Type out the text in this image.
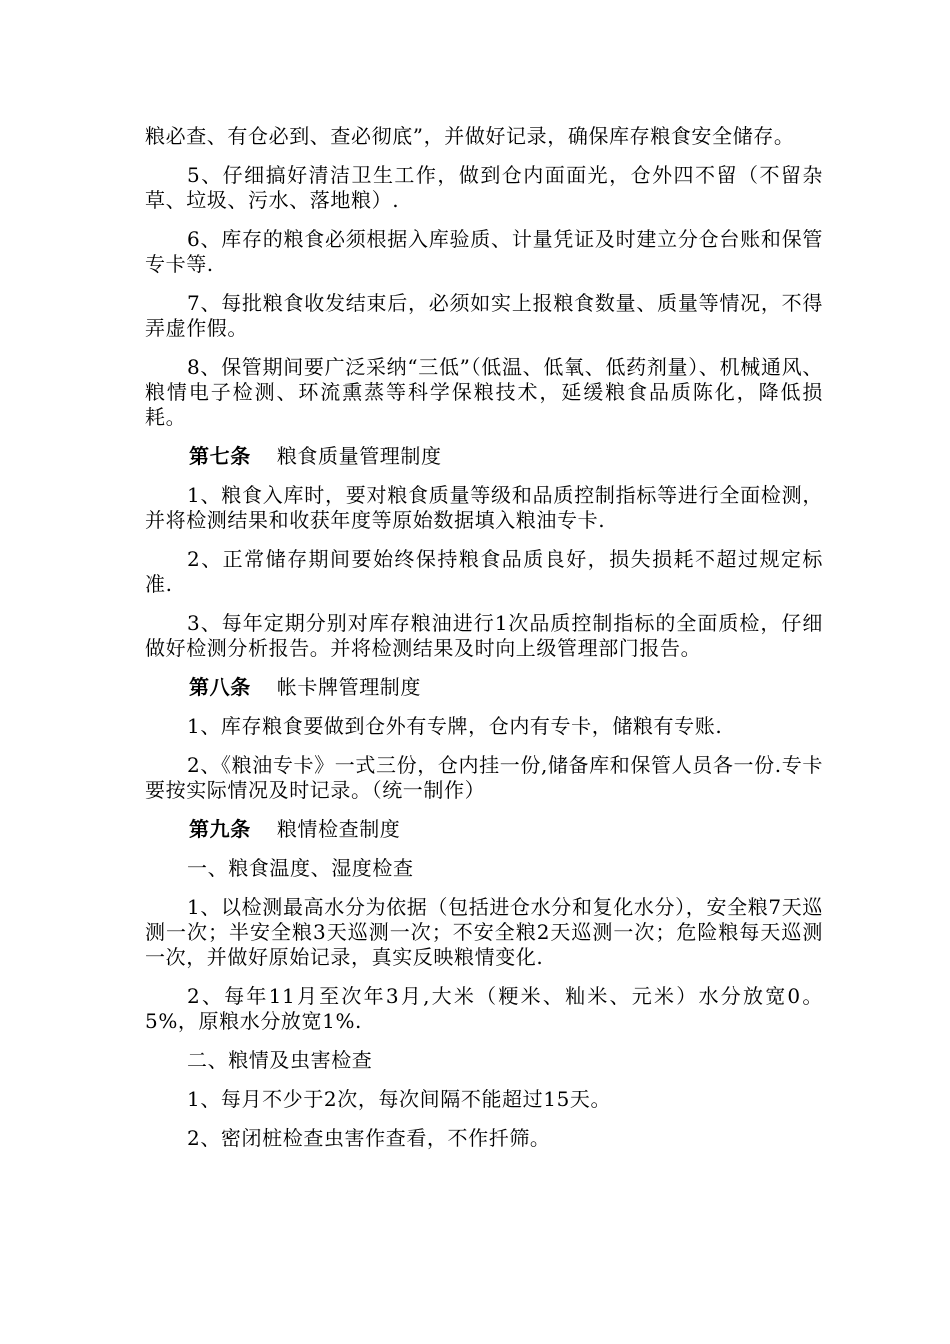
粮必查、有仓必到、查必彻底”，并做好记录，确保库存粮食安全储存。

5、仔细搞好清洁卫生工作，做到仓内面面光，仓外四不留（不留杂草、垃圾、污水、落地粮）.

6、库存的粮食必须根据入库验质、计量凭证及时建立分仓台账和保管专卡等.

7、每批粮食收发结束后，必须如实上报粮食数量、质量等情况，不得弄虚作假。

8、保管期间要广泛采纳“三低”（低温、低氧、低药剂量）、机械通风、粮情电子检测、环流熏蒸等科学保粮技术，延缓粮食品质陈化，降低损耗。

第七条 粮食质量管理制度

1、粮食入库时，要对粮食质量等级和品质控制指标等进行全面检测，并将检测结果和收获年度等原始数据填入粮油专卡.

2、正常储存期间要始终保持粮食品质良好，损失损耗不超过规定标准.

3、每年定期分别对库存粮油进行1次品质控制指标的全面质检，仔细做好检测分析报告。并将检测结果及时向上级管理部门报告。

第八条 帐卡牌管理制度

1、库存粮食要做到仓外有专牌，仓内有专卡，储粮有专账.

2、《粮油专卡》一式三份，仓内挂一份,储备库和保管人员各一份.专卡要按实际情况及时记录。（统一制作）

第九条 粮情检查制度

一、粮食温度、湿度检查

1、以检测最高水分为依据（包括进仓水分和复化水分），安全粮7天巡测一次；半安全粮3天巡测一次；不安全粮2天巡测一次；危险粮每天巡测一次，并做好原始记录，真实反映粮情变化.

2、每年11月至次年3月,大米（粳米、籼米、元米）水分放宽0。5%，原粮水分放宽1%.

二、粮情及虫害检查

1、每月不少于2次，每次间隔不能超过15天。

2、密闭桩检查虫害作查看，不作扦筛。
